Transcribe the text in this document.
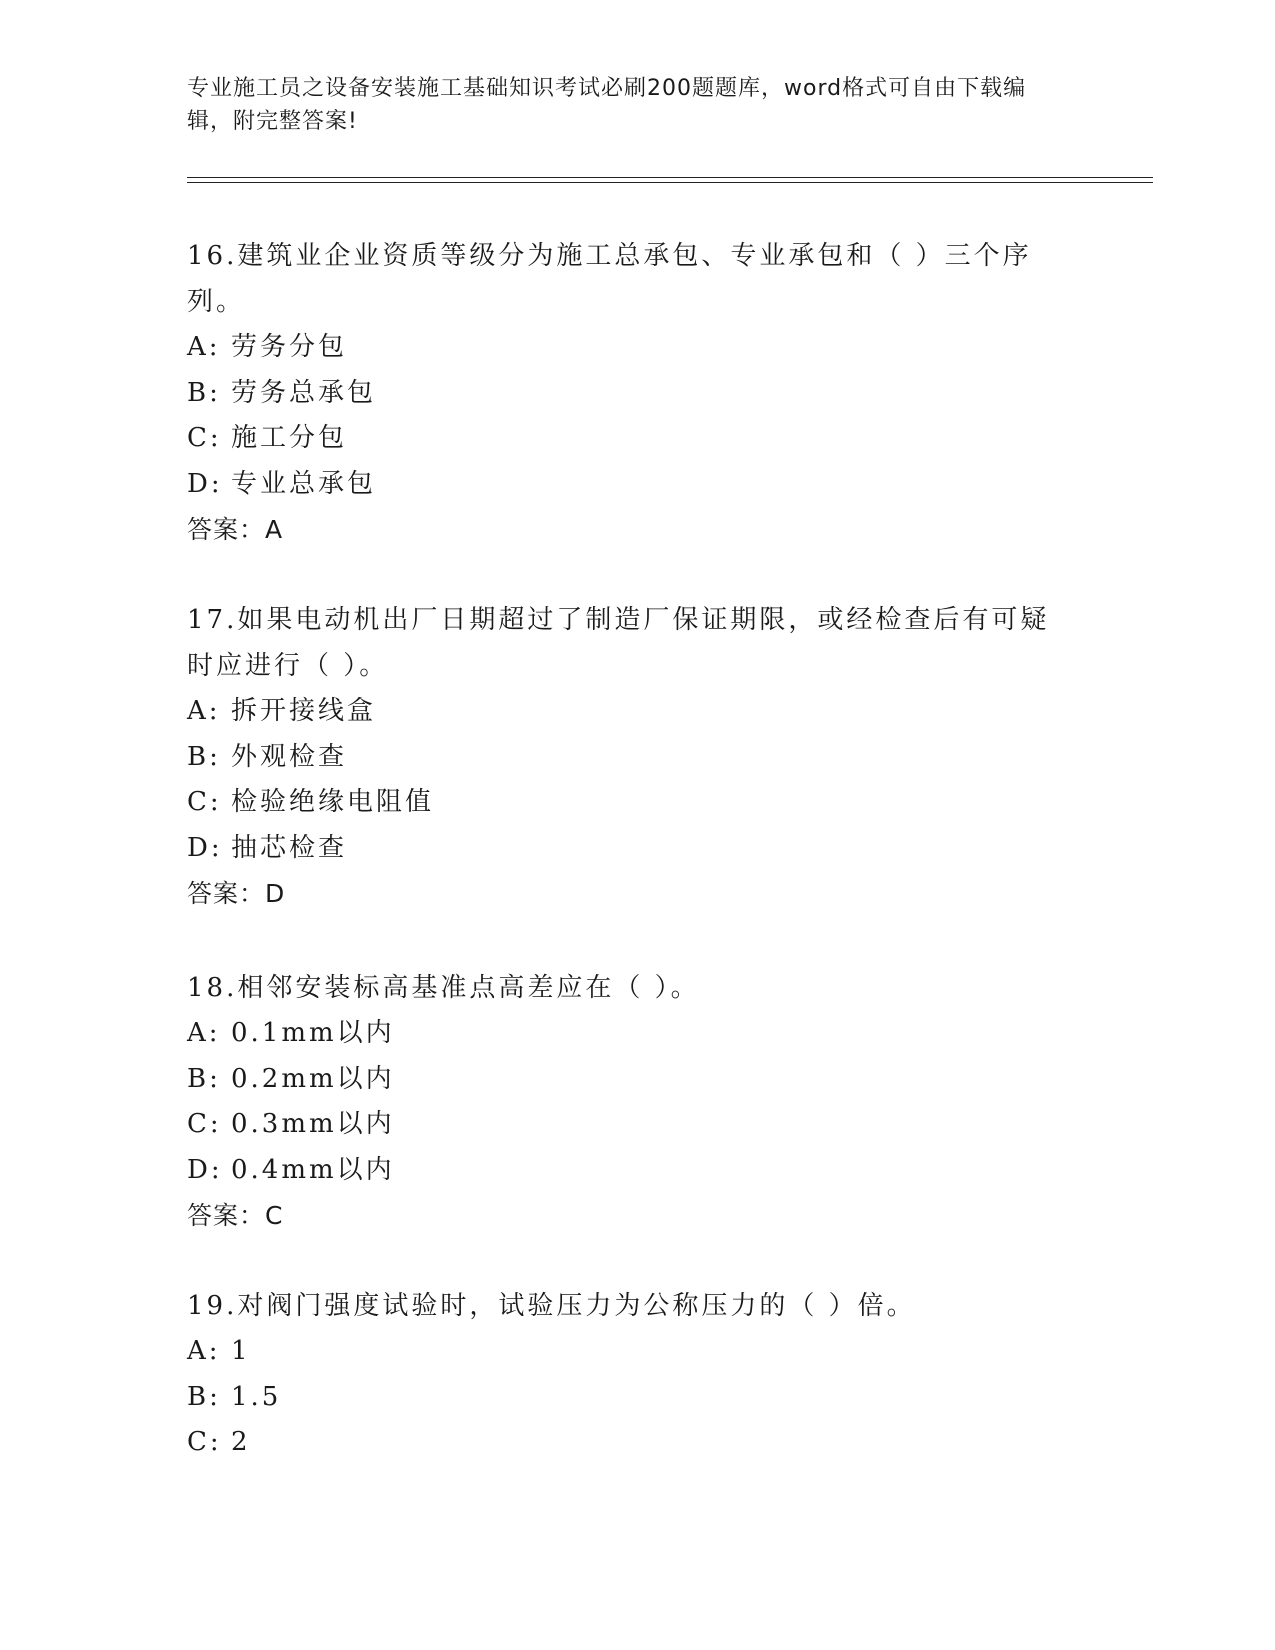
专业施工员之设备安装施工基础知识考试必刷200题题库，word格式可自由下载编辑，附完整答案!
16.建筑业企业资质等级分为施工总承包、专业承包和（ ）三个序列。
A: 劳务分包
B: 劳务总承包
C: 施工分包
D: 专业总承包
答案：A
17.如果电动机出厂日期超过了制造厂保证期限，或经检查后有可疑时应进行（ ）。
A: 拆开接线盒
B: 外观检查
C: 检验绝缘电阻值
D: 抽芯检查
答案：D
18.相邻安装标高基准点高差应在（ ）。
A: 0.1mm以内
B: 0.2mm以内
C: 0.3mm以内
D: 0.4mm以内
答案：C
19.对阀门强度试验时，试验压力为公称压力的（ ）倍。
A: 1
B: 1.5
C: 2
